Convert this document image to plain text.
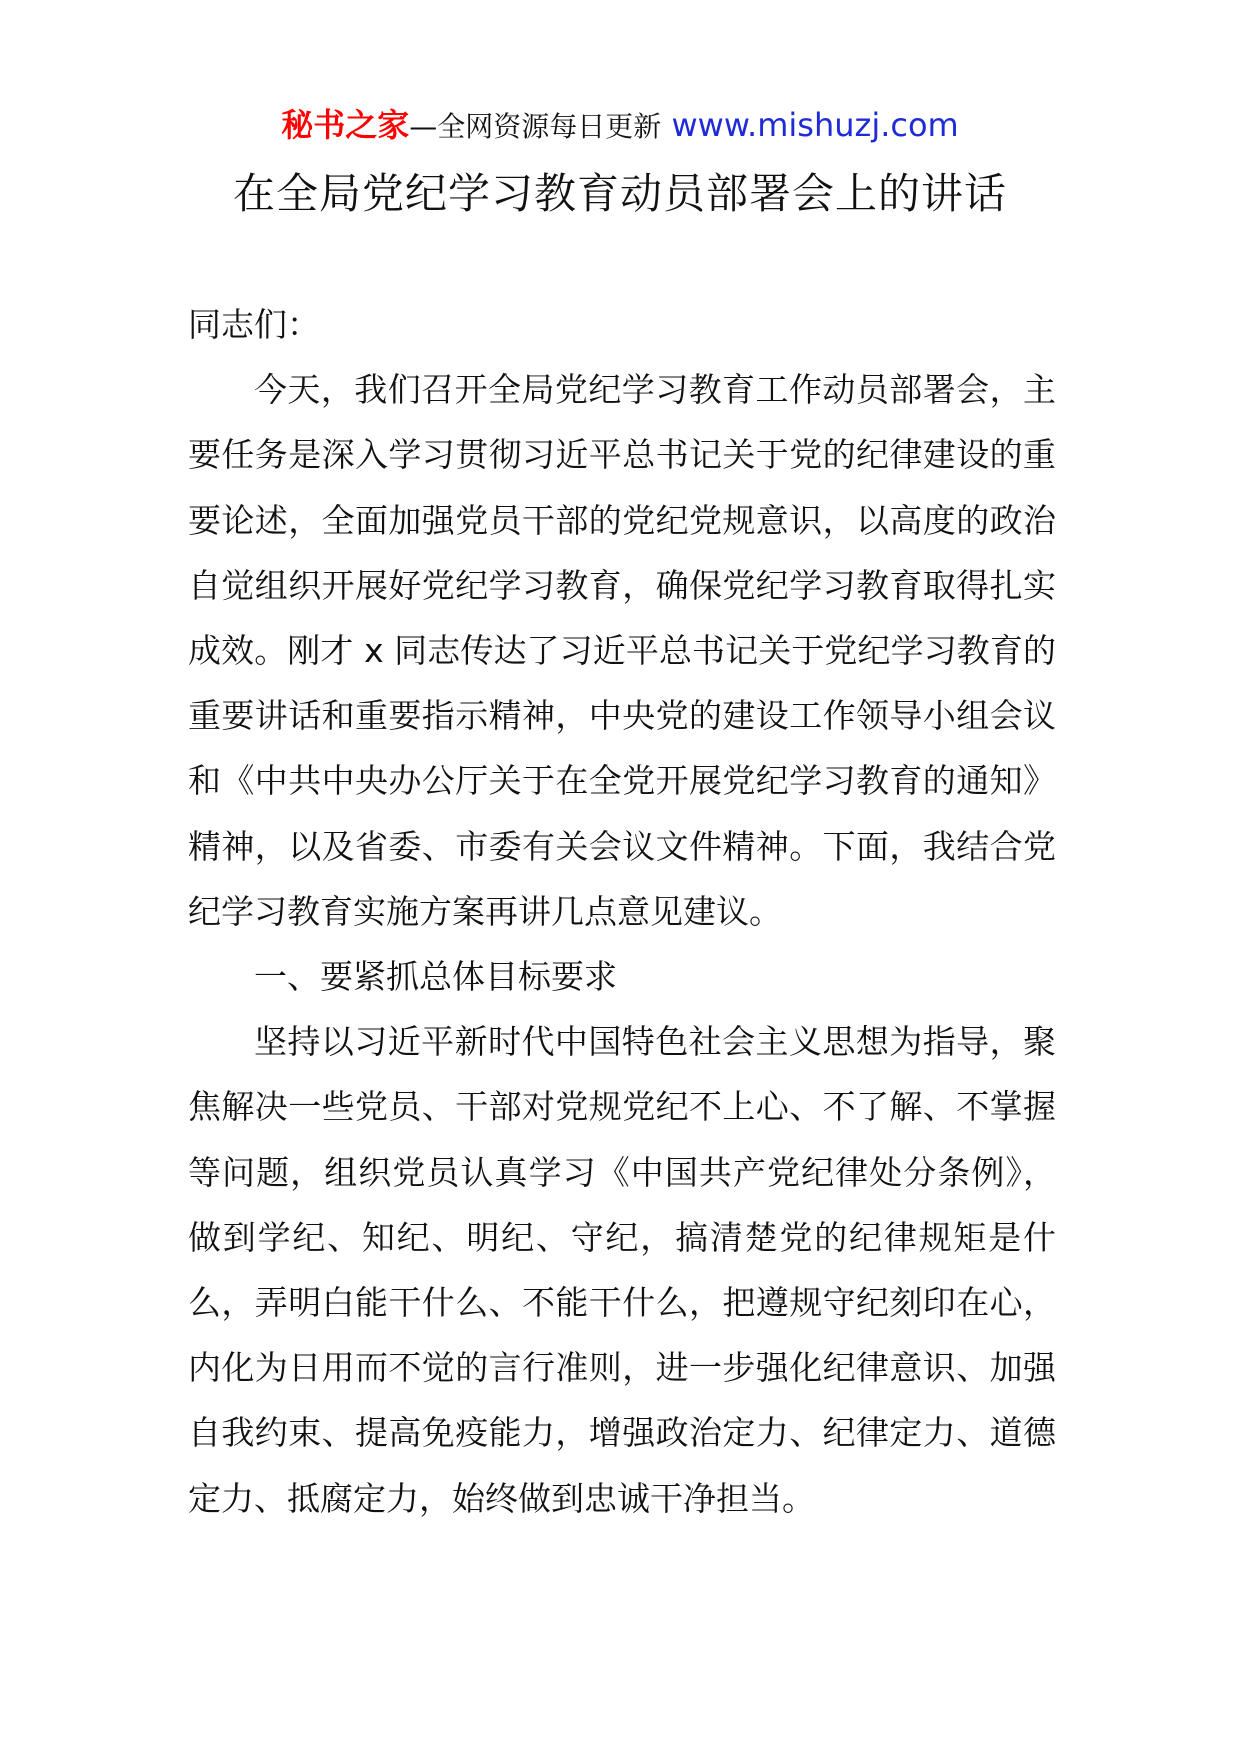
秘书之家—全网资源每日更新 www.mishuzj.com
在全局党纪学习教育动员部署会上的讲话

同志们：

今天，我们召开全局党纪学习教育工作动员部署会，主要任务是深入学习贯彻习近平总书记关于党的纪律建设的重要论述，全面加强党员干部的党纪党规意识，以高度的政治自觉组织开展好党纪学习教育，确保党纪学习教育取得扎实成效。刚才 x 同志传达了习近平总书记关于党纪学习教育的重要讲话和重要指示精神，中央党的建设工作领导小组会议和《中共中央办公厅关于在全党开展党纪学习教育的通知》精神，以及省委、市委有关会议文件精神。下面，我结合党纪学习教育实施方案再讲几点意见建议。

一、要紧抓总体目标要求

坚持以习近平新时代中国特色社会主义思想为指导，聚焦解决一些党员、干部对党规党纪不上心、不了解、不掌握等问题，组织党员认真学习《中国共产党纪律处分条例》，做到学纪、知纪、明纪、守纪，搞清楚党的纪律规矩是什么，弄明白能干什么、不能干什么，把遵规守纪刻印在心，内化为日用而不觉的言行准则，进一步强化纪律意识、加强自我约束、提高免疫能力，增强政治定力、纪律定力、道德定力、抵腐定力，始终做到忠诚干净担当。
